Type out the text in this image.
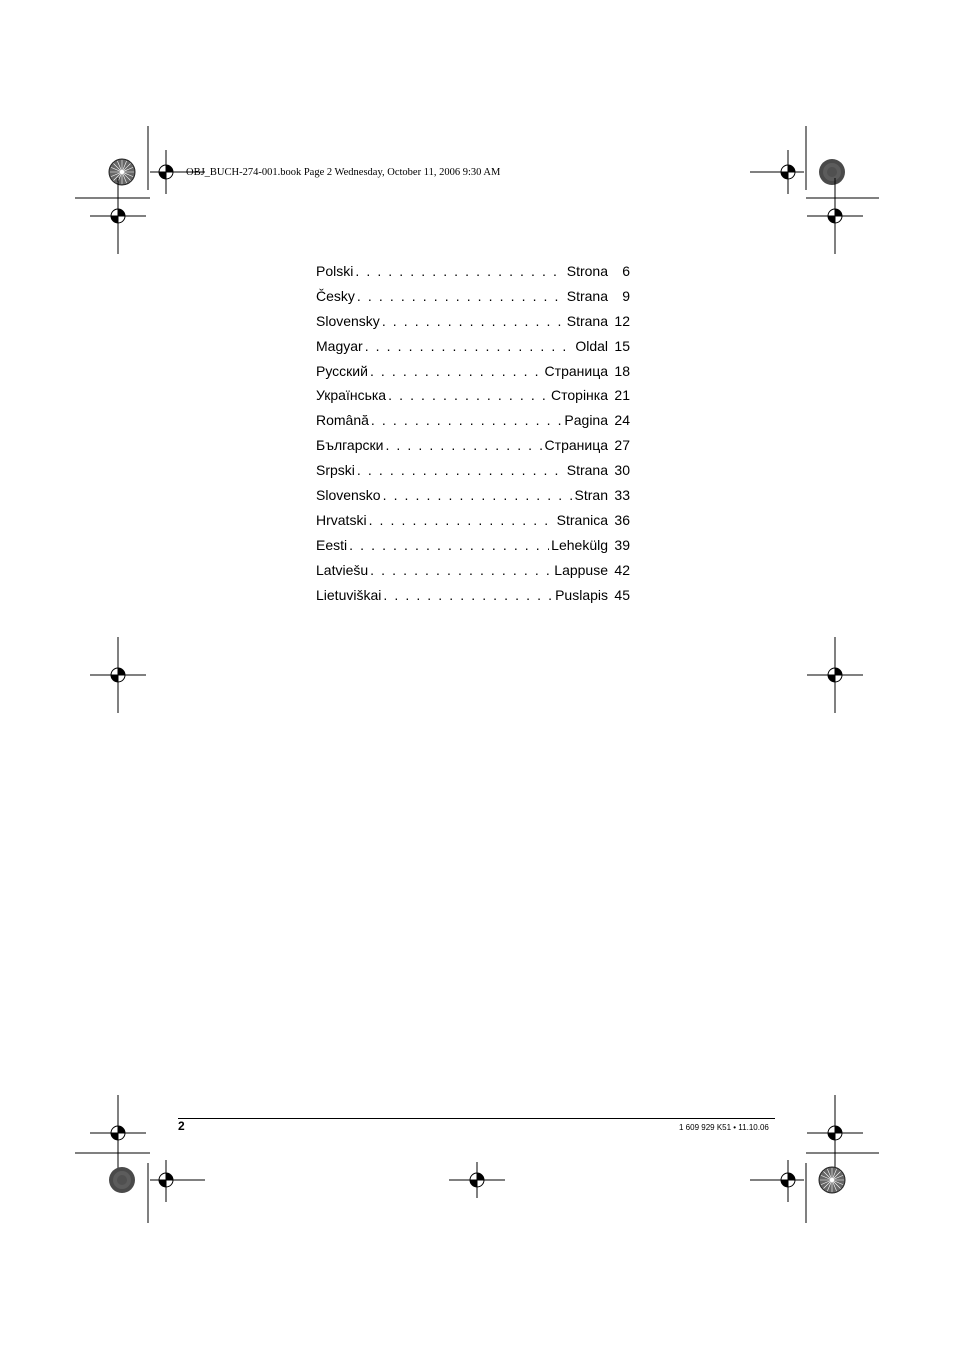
OBJ_BUCH-274-001.book Page 2 Wednesday, October 11, 2006 9:30 AM
Polski . . .	Strona	6
Česky . . .	Strana	9
Slovensky . . .	Strana 12
Magyar . . .	Oldal 15
Русский . . .	Страница 18
Українська . . .	Сторінка 21
Română . . .	Pagina 24
Български . . .	Страница 27
Srpski . . .	Strana 30
Slovensko . . .	Stran 33
Hrvatski . . .	Stranica 36
Eesti . . .	Lehekülg 39
Latviešu . . .	Lappuse 42
Lietuviškai . . .	Puslapis 45
2	1 609 929 K51 • 11.10.06
